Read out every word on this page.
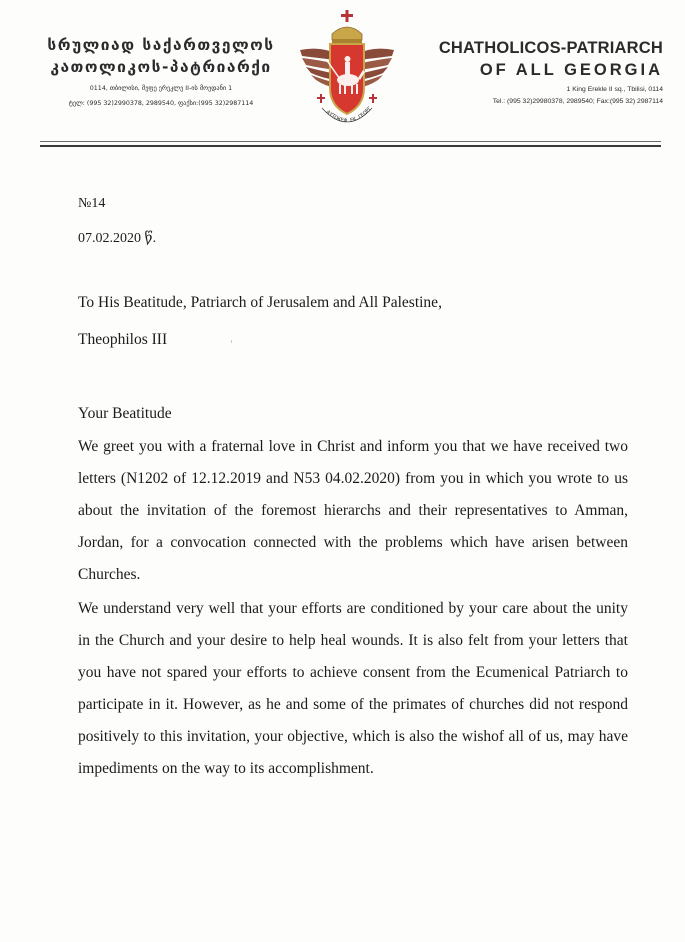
სრულიად საქართველოს
კათოლიკოს-პატრიარქი
0114, თბილისი, მეფე ერეკლე II-ის მოედანი 1
ტელ: (995 32)2990378, 2989540, ფაქსი:(995 32)2987114
ΑΥΤΟΚΕΦ. ΕΚ. ΓΕΩΡΓ
CHATHOLICOS-PATRIARCH
OF ALL GEORGIA
1 King Erekle II sq., Tbilisi, 0114
Tel.: (995 32)29980378, 2989540; Fax:(995 32) 2987114
№14
07.02.2020 წ.
To His Beatitude, Patriarch of Jerusalem and All Palestine,
Theophilos III
Your Beatitude
We greet you with a fraternal love in Christ and inform you that we have received two
letters (N1202 of 12.12.2019 and N53 04.02.2020) from you in which you wrote to us
about the invitation of the foremost hierarchs and their representatives to Amman,
Jordan, for a convocation connected with the problems which have arisen between
Churches.
We understand very well that your efforts are conditioned by your care about the unity
in the Church and your desire to help heal wounds. It is also felt from your letters that
you have not spared your efforts to achieve consent from the Ecumenical Patriarch to
participate in it. However, as he and some of the primates of churches did not respond
positively to this invitation, your objective, which is also the wishof all of us, may have
impediments on the way to its accomplishment.
